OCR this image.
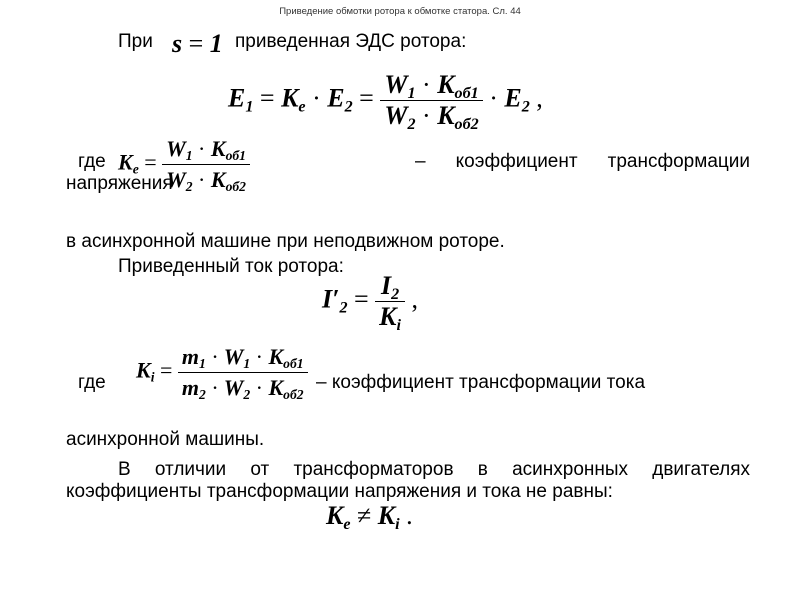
Приведение обмотки ротора к обмотке статора. Сл. 44
При s = 1 приведенная ЭДС ротора:
$E_1 = K_e \cdot E_2 = \frac{W_1 \cdot K_{об1}}{W_2 \cdot K_{об2}} \cdot E_2$ ,
где $K_e = \frac{W_1 \cdot K_{об1}}{W_2 \cdot K_{об2}}$	– коэффициент трансформации
напряжения
в асинхронной машине при неподвижном роторе.
Приведенный ток ротора:
$I'_2 = \frac{I_2}{K_i}$ ,
где $K_i = \frac{m_1 \cdot W_1 \cdot K_{об1}}{m_2 \cdot W_2 \cdot K_{об2}}$ – коэффициент трансформации тока
асинхронной машины.
В отличии от трансформаторов в асинхронных двигателях
коэффициенты трансформации напряжения и тока не равны:
$K_e \ne K_i$ .
